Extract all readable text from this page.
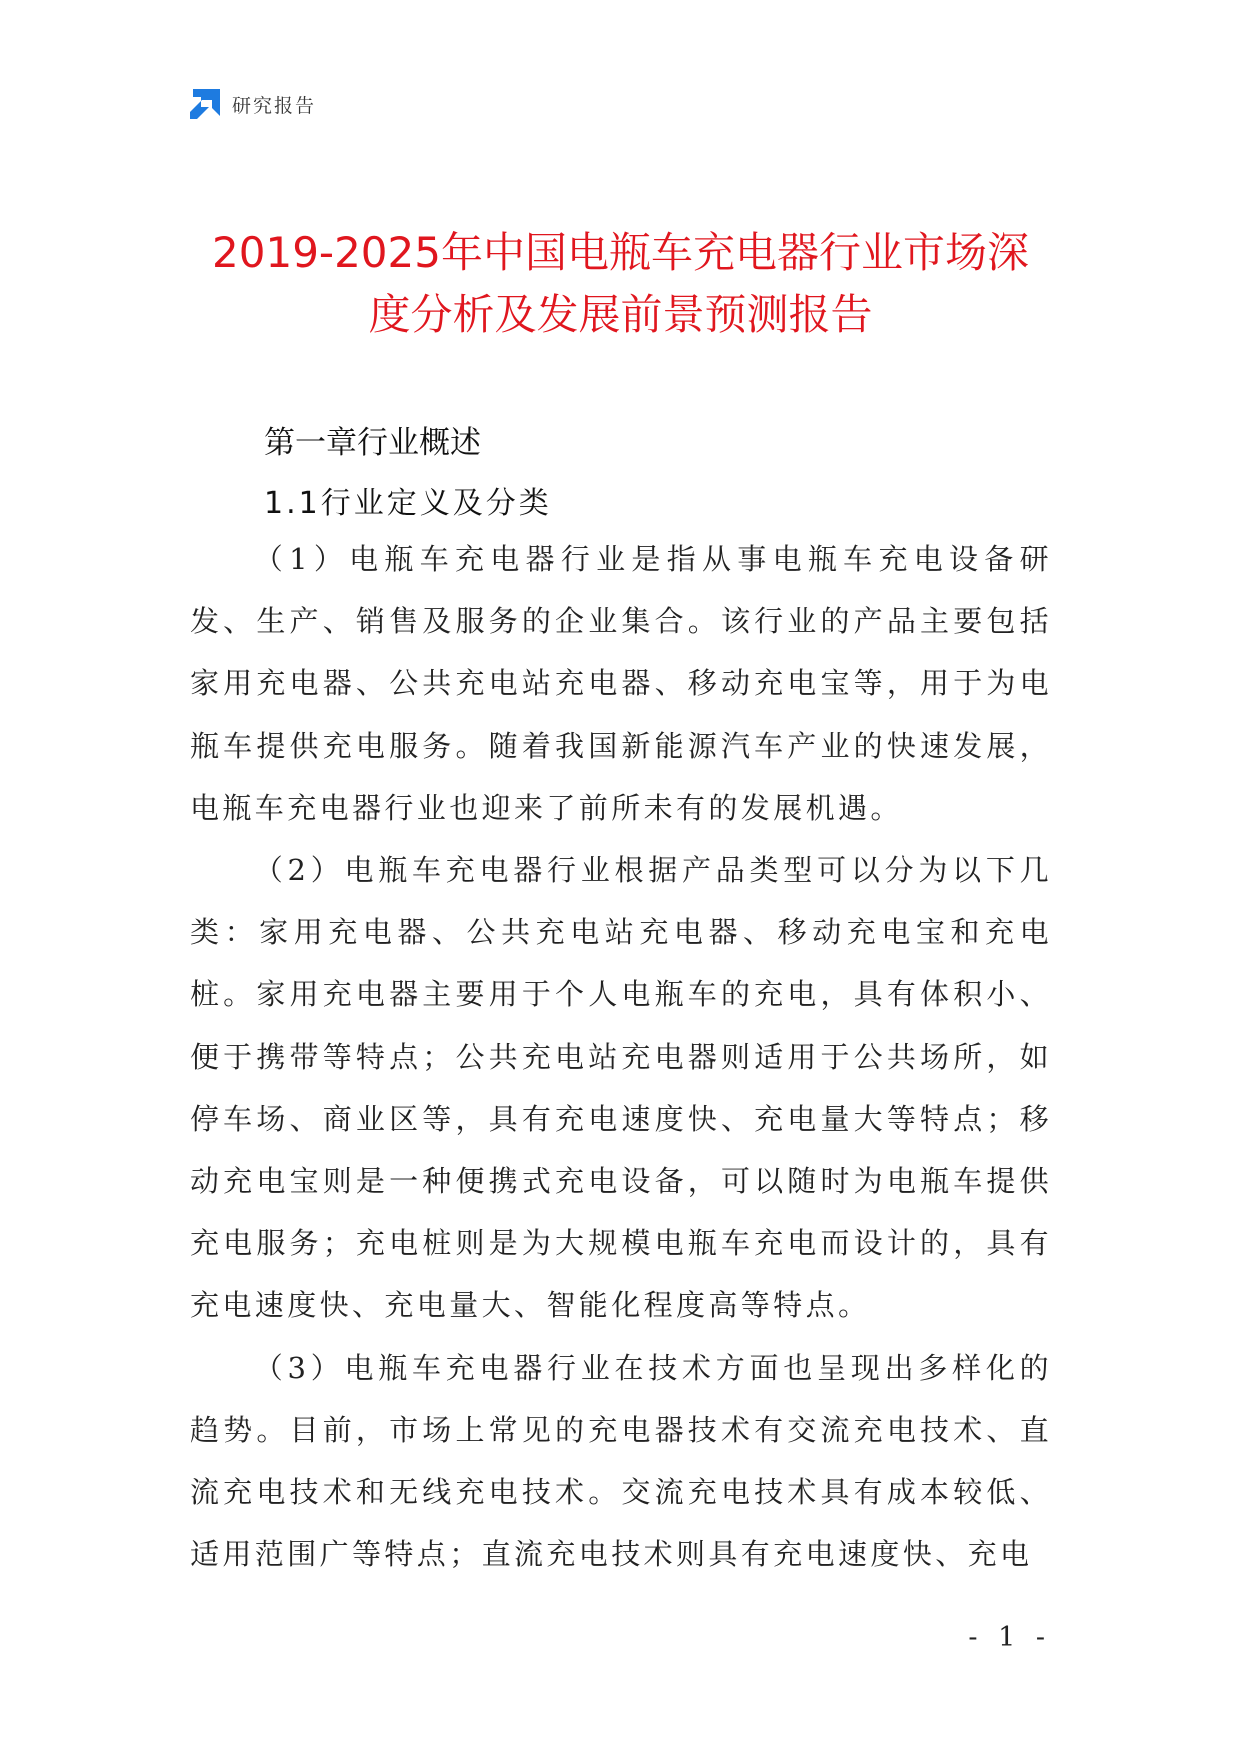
研究报告
2019-2025年中国电瓶车充电器行业市场深
度分析及发展前景预测报告
第一章行业概述
1.1行业定义及分类

（1）电瓶车充电器行业是指从事电瓶车充电设备研发、生产、销售及服务的企业集合。该行业的产品主要包括家用充电器、公共充电站充电器、移动充电宝等，用于为电瓶车提供充电服务。随着我国新能源汽车产业的快速发展，电瓶车充电器行业也迎来了前所未有的发展机遇。

（2）电瓶车充电器行业根据产品类型可以分为以下几类：家用充电器、公共充电站充电器、移动充电宝和充电桩。家用充电器主要用于个人电瓶车的充电，具有体积小、便于携带等特点；公共充电站充电器则适用于公共场所，如停车场、商业区等，具有充电速度快、充电量大等特点；移动充电宝则是一种便携式充电设备，可以随时为电瓶车提供充电服务；充电桩则是为大规模电瓶车充电而设计的，具有充电速度快、充电量大、智能化程度高等特点。

（3）电瓶车充电器行业在技术方面也呈现出多样化的趋势。目前，市场上常见的充电器技术有交流充电技术、直流充电技术和无线充电技术。交流充电技术具有成本较低、适用范围广等特点；直流充电技术则具有充电速度快、充电

- 1 -
